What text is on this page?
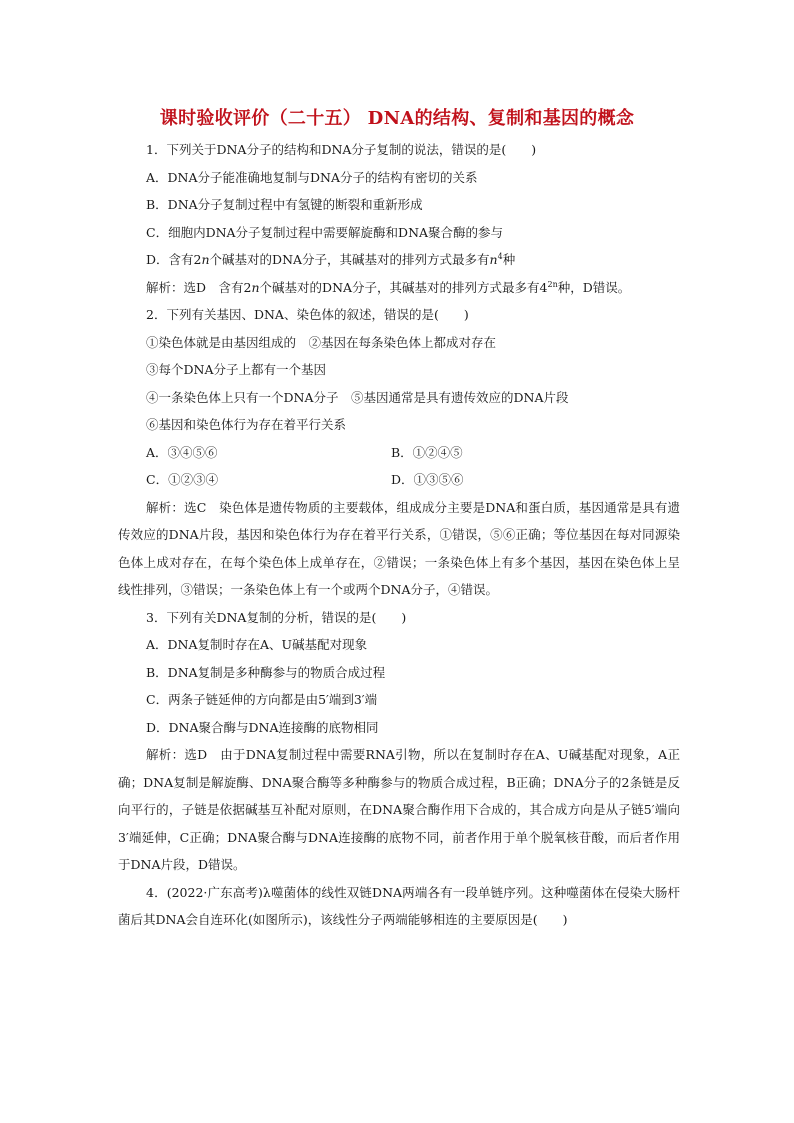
课时验收评价（二十五） DNA的结构、复制和基因的概念

1．下列关于DNA分子的结构和DNA分子复制的说法，错误的是(　　)

A．DNA分子能准确地复制与DNA分子的结构有密切的关系

B．DNA分子复制过程中有氢键的断裂和重新形成

C．细胞内DNA分子复制过程中需要解旋酶和DNA聚合酶的参与

D．含有2n个碱基对的DNA分子，其碱基对的排列方式最多有$n^4$种

解析：选D　含有2n个碱基对的DNA分子，其碱基对的排列方式最多有$4^{2n}$种，D错误。

2．下列有关基因、DNA、染色体的叙述，错误的是(　　)

①染色体就是由基因组成的　②基因在每条染色体上都成对存在

③每个DNA分子上都有一个基因

④一条染色体上只有一个DNA分子　⑤基因通常是具有遗传效应的DNA片段

⑥基因和染色体行为存在着平行关系

A．③④⑤⑥	B．①②④⑤
C．①②③④	D．①③⑤⑥

解析：选C　染色体是遗传物质的主要载体，组成成分主要是DNA和蛋白质，基因通常是具有遗传效应的DNA片段，基因和染色体行为存在着平行关系，①错误，⑤⑥正确；等位基因在每对同源染色体上成对存在，在每个染色体上成单存在，②错误；一条染色体上有多个基因，基因在染色体上呈线性排列，③错误；一条染色体上有一个或两个DNA分子，④错误。

3．下列有关DNA复制的分析，错误的是(　　)

A．DNA复制时存在A、U碱基配对现象

B．DNA复制是多种酶参与的物质合成过程

C．两条子链延伸的方向都是由5′端到3′端

D．DNA聚合酶与DNA连接酶的底物相同

解析：选D　由于DNA复制过程中需要RNA引物，所以在复制时存在A、U碱基配对现象，A正确；DNA复制是解旋酶、DNA聚合酶等多种酶参与的物质合成过程，B正确；DNA分子的2条链是反向平行的，子链是依据碱基互补配对原则，在DNA聚合酶作用下合成的，其合成方向是从子链5′端向3′端延伸，C正确；DNA聚合酶与DNA连接酶的底物不同，前者作用于单个脱氧核苷酸，而后者作用于DNA片段，D错误。

4．(2022·广东高考)λ噬菌体的线性双链DNA两端各有一段单链序列。这种噬菌体在侵染大肠杆菌后其DNA会自连环化(如图所示)，该线性分子两端能够相连的主要原因是(　　)
